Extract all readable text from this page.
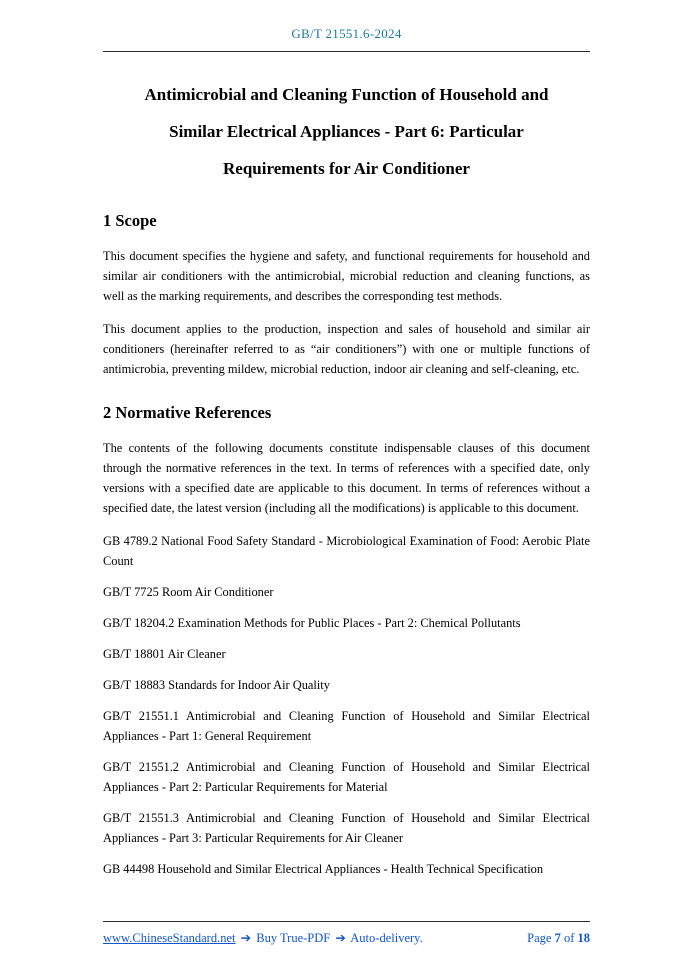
GB/T 21551.6-2024
Antimicrobial and Cleaning Function of Household and
Similar Electrical Appliances - Part 6: Particular
Requirements for Air Conditioner
1 Scope

This document specifies the hygiene and safety, and functional requirements for household and similar air conditioners with the antimicrobial, microbial reduction and cleaning functions, as well as the marking requirements, and describes the corresponding test methods.

This document applies to the production, inspection and sales of household and similar air conditioners (hereinafter referred to as “air conditioners”) with one or multiple functions of antimicrobia, preventing mildew, microbial reduction, indoor air cleaning and self-cleaning, etc.

2 Normative References

The contents of the following documents constitute indispensable clauses of this document through the normative references in the text. In terms of references with a specified date, only versions with a specified date are applicable to this document. In terms of references without a specified date, the latest version (including all the modifications) is applicable to this document.

GB 4789.2 National Food Safety Standard - Microbiological Examination of Food: Aerobic Plate Count

GB/T 7725 Room Air Conditioner

GB/T 18204.2 Examination Methods for Public Places - Part 2: Chemical Pollutants

GB/T 18801 Air Cleaner

GB/T 18883 Standards for Indoor Air Quality

GB/T 21551.1 Antimicrobial and Cleaning Function of Household and Similar Electrical Appliances - Part 1: General Requirement

GB/T 21551.2 Antimicrobial and Cleaning Function of Household and Similar Electrical Appliances - Part 2: Particular Requirements for Material

GB/T 21551.3 Antimicrobial and Cleaning Function of Household and Similar Electrical Appliances - Part 3: Particular Requirements for Air Cleaner

GB 44498 Household and Similar Electrical Appliances - Health Technical Specification

www.ChineseStandard.net ➔ Buy True-PDF ➔ Auto-delivery.	Page 7 of 18
